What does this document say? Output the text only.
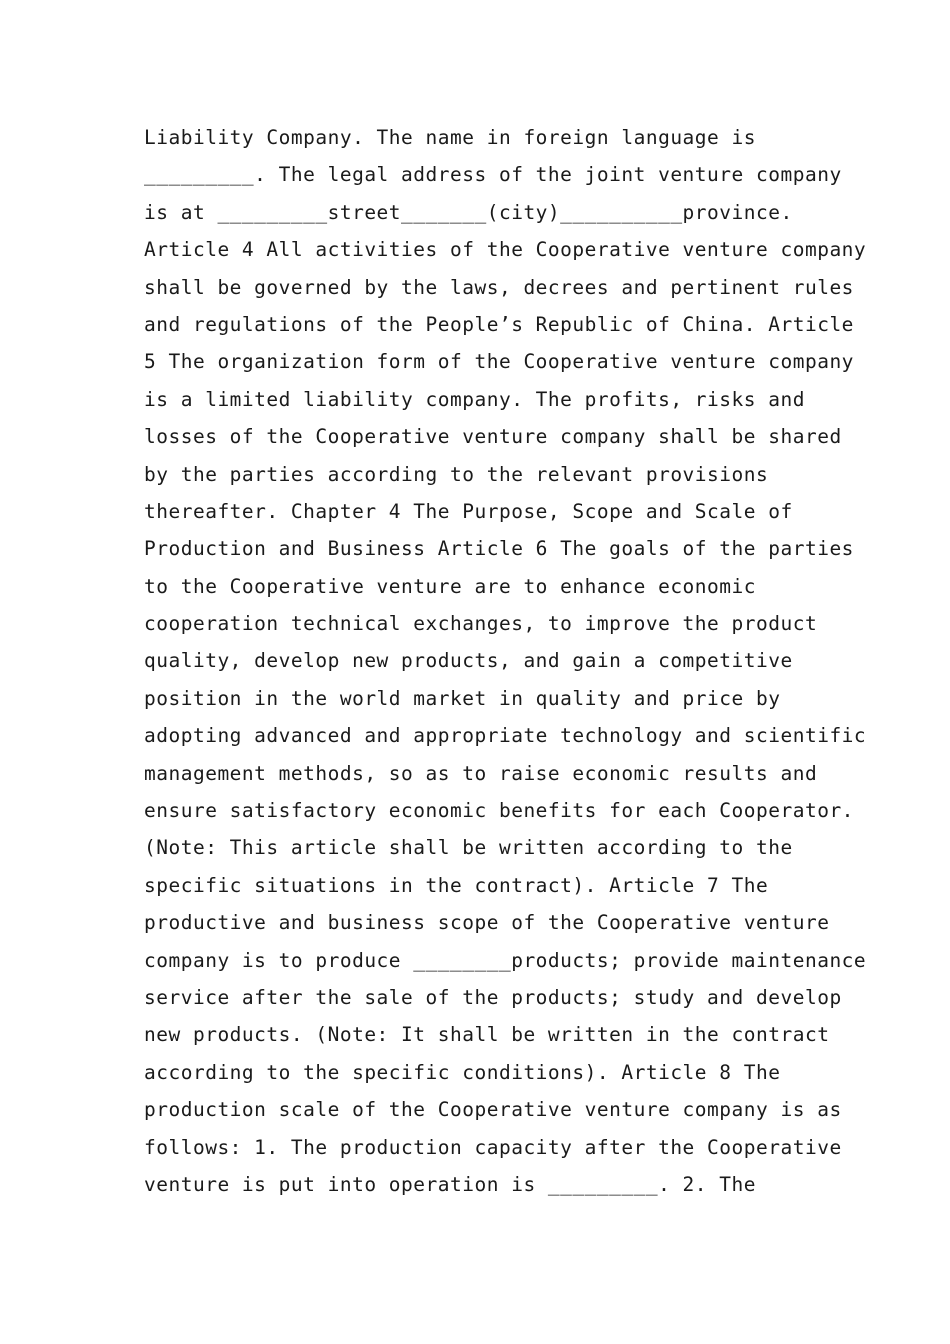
Liability Company. The name in foreign language is
_________. The legal address of the joint venture company
is at _________street_______(city)__________province.
Article 4 All activities of the Cooperative venture company
shall be governed by the laws, decrees and pertinent rules
and regulations of the People’s Republic of China. Article
5 The organization form of the Cooperative venture company
is a limited liability company. The profits, risks and
losses of the Cooperative venture company shall be shared
by the parties according to the relevant provisions
thereafter. Chapter 4 The Purpose, Scope and Scale of
Production and Business Article 6 The goals of the parties
to the Cooperative venture are to enhance economic
cooperation technical exchanges, to improve the product
quality, develop new products, and gain a competitive
position in the world market in quality and price by
adopting advanced and appropriate technology and scientific
management methods, so as to raise economic results and
ensure satisfactory economic benefits for each Cooperator.
(Note: This article shall be written according to the
specific situations in the contract). Article 7 The
productive and business scope of the Cooperative venture
company is to produce ________products; provide maintenance
service after the sale of the products; study and develop
new products. (Note: It shall be written in the contract
according to the specific conditions). Article 8 The
production scale of the Cooperative venture company is as
follows: 1. The production capacity after the Cooperative
venture is put into operation is _________. 2. The
